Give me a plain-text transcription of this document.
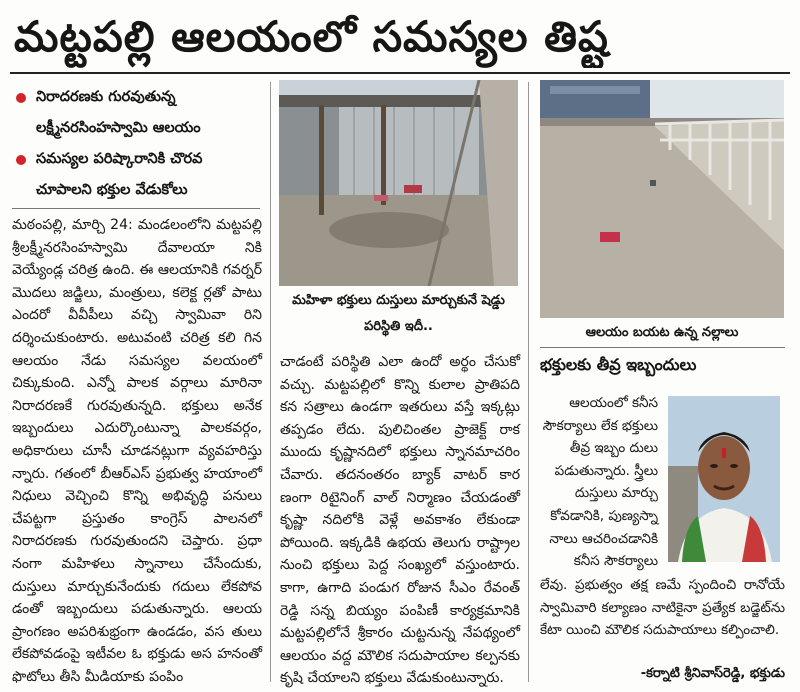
మట్టపల్లి ఆలయంలో సమస్యల తిష్ట
నిరాదరణకు గురవుతున్న లక్ష్మీనరసింహస్వామి ఆలయం
సమస్యల పరిష్కారానికి చొరవ చూపాలని భక్తుల వేడుకోలు
మఠంపల్లి, మార్చి 24: మండలంలోని మట్టపల్లి శ్రీలక్ష్మీనరసింహస్వామి దేవాలయా నికి వెయ్యేండ్ల చరిత్ర ఉంది. ఈ ఆలయానికి గవర్నర్ మొదలు జడ్జిలు, మంత్రులు, కలెక్ట ర్లతో పాటు ఎందరో వీవీపీలు వచ్చి స్వామివా రిని దర్శించుకుంటారు. అటువంటి చరిత్ర కలి గిన ఆలయం నేడు సమస్యల వలయంలో చిక్కుకుంది. ఎన్నో పాలక వర్గాలు మారినా నిరాదరణకే గురవుతున్నది. భక్తులు అనేక ఇబ్బందులు ఎదుర్కొంటున్నా పాలకవర్గం, అధికారులు చూసీ చూడనట్లుగా వ్యవహరిస్తు న్నారు. గతంలో బీఆర్ఎస్ ప్రభుత్వ హయాంలో నిధులు వెచ్చించి కొన్ని అభివృద్ధి పనులు చేపట్టగా ప్రస్తుతం కాంగ్రెస్ పాలనలో నిరాదరణకు గురవుతుందని చెప్తారు. ప్రధా నంగా మహిళలు స్నానాలు చేసేందుకు, దుస్తులు మార్చుకునేందుకు గదులు లేకపోవ డంతో ఇబ్బందులు పడుతున్నారు. ఆలయ ప్రాంగణం అపరిశుభ్రంగా ఉండడం, వస తులు లేకపోవడంపై ఇటీవల ఓ భక్తుడు అస హనంతో ఫొటోలు తీసి మీడియాకు పంపిం
మహిళా భక్తులు దుస్తులు మార్చుకునే షెడ్డు పరిస్థితి ఇదీ..	ఆలయం బయట ఉన్న నల్లాలు
చాడంటే పరిస్థితి ఎలా ఉందో అర్థం చేసుకో వచ్చు. మట్టపల్లిలో కొన్ని కులాల ప్రాతిపది కన సత్రాలు ఉండగా ఇతరులు వస్తే ఇక్కట్లు తప్పడం లేదు. పులిచింతల ప్రాజెక్ట్ రాక ముందు కృష్ణానదిలో భక్తులు స్నానమాచరిం చేవారు. తదనంతరం బ్యాక్ వాటర్ కార ణంగా రిటైనింగ్ వాల్ నిర్మాణం చేయడంతో కృష్ణా నదిలోకి వెళ్లే అవకాశం లేకుండా పోయింది. ఇక్కడికి ఉభయ తెలుగు రాష్ట్రాల నుంచి భక్తులు పెద్ద సంఖ్యలో వస్తుంటారు. కాగా, ఉగాది పండుగ రోజున సీఎం రేవంత్ రెడ్డి సన్న బియ్యం పంపిణీ కార్యక్రమానికి మట్టపల్లిలోనే శ్రీకారం చుట్టనున్న నేపథ్యంలో ఆలయం వద్ద మౌలిక సదుపాయాల కల్పనకు కృషి చేయాలని భక్తులు వేడుకుంటున్నారు.
భక్తులకు తీవ్ర ఇబ్బందులు
ఆలయంలో కనీస సౌకర్యాలు లేక భక్తులు తీవ్ర ఇబ్బం దులు పడుతున్నారు. స్త్రీలు దుస్తులు మార్చు కోవడానికి, పుణ్యస్నా నాలు ఆచరించడానికి కనీస సౌకర్యాలు
లేవు. ప్రభుత్వం తక్ష ణమే స్పందించి రానోయే స్వామివారి కల్యాణం నాటికైనా ప్రత్యేక బడ్జెట్‌ను కేటా యించి మౌలిక సదుపాయాలు కల్పించాలి.
-కర్నాటి శ్రీనివాస్‌రెడ్డి, భక్తుడు
